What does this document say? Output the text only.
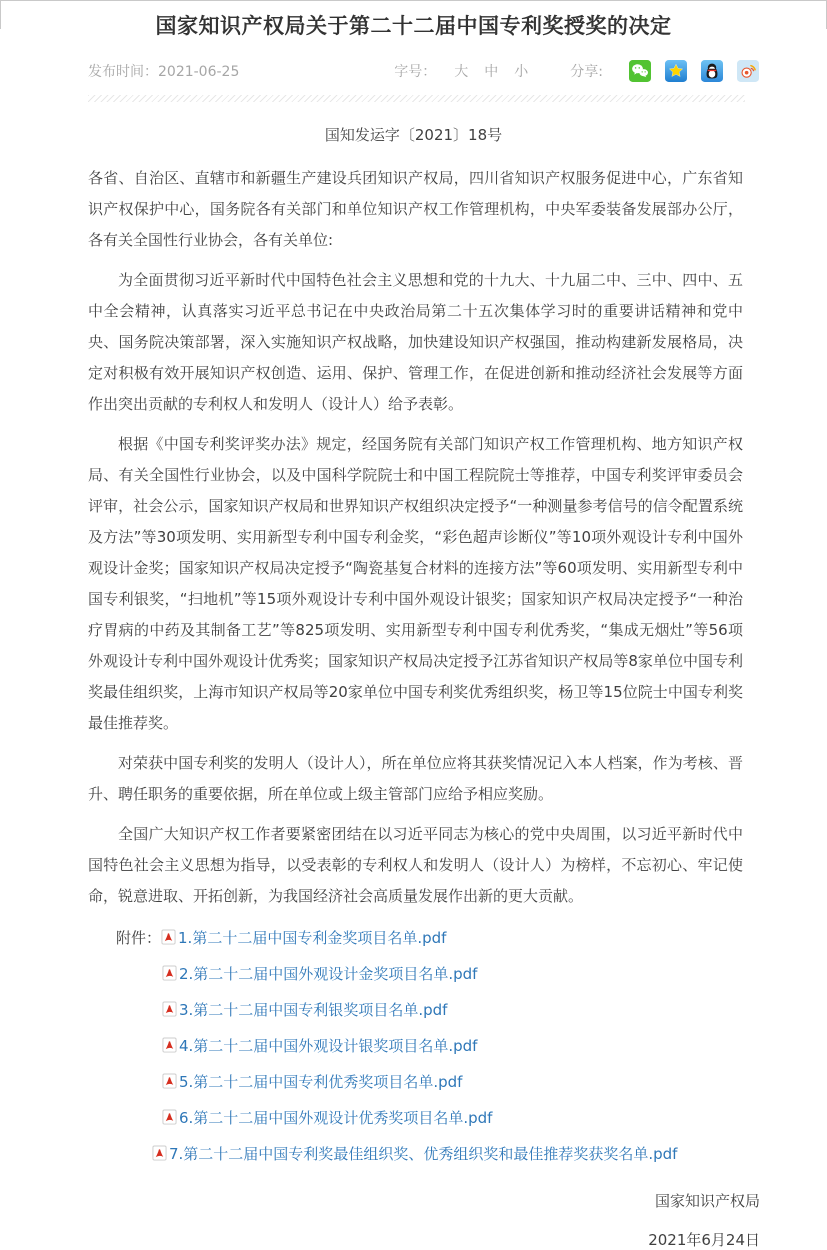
国家知识产权局关于第二十二届中国专利奖授奖的决定
发布时间：2021-06-25	字号： 大 中 小	分享:
国知发运字〔2021〕18号

各省、自治区、直辖市和新疆生产建设兵团知识产权局，四川省知识产权服务促进中心，广东省知识产权保护中心，国务院各有关部门和单位知识产权工作管理机构，中央军委装备发展部办公厅，各有关全国性行业协会，各有关单位:

为全面贯彻习近平新时代中国特色社会主义思想和党的十九大、十九届二中、三中、四中、五中全会精神，认真落实习近平总书记在中央政治局第二十五次集体学习时的重要讲话精神和党中央、国务院决策部署，深入实施知识产权战略，加快建设知识产权强国，推动构建新发展格局，决定对积极有效开展知识产权创造、运用、保护、管理工作，在促进创新和推动经济社会发展等方面作出突出贡献的专利权人和发明人（设计人）给予表彰。

根据《中国专利奖评奖办法》规定，经国务院有关部门知识产权工作管理机构、地方知识产权局、有关全国性行业协会，以及中国科学院院士和中国工程院院士等推荐，中国专利奖评审委员会评审，社会公示，国家知识产权局和世界知识产权组织决定授予“一种测量参考信号的信令配置系统及方法”等30项发明、实用新型专利中国专利金奖，“彩色超声诊断仪”等10项外观设计专利中国外观设计金奖；国家知识产权局决定授予“陶瓷基复合材料的连接方法”等60项发明、实用新型专利中国专利银奖，“扫地机”等15项外观设计专利中国外观设计银奖；国家知识产权局决定授予“一种治疗胃病的中药及其制备工艺”等825项发明、实用新型专利中国专利优秀奖，“集成无烟灶”等56项外观设计专利中国外观设计优秀奖；国家知识产权局决定授予江苏省知识产权局等8家单位中国专利奖最佳组织奖，上海市知识产权局等20家单位中国专利奖优秀组织奖，杨卫等15位院士中国专利奖最佳推荐奖。

对荣获中国专利奖的发明人（设计人），所在单位应将其获奖情况记入本人档案，作为考核、晋升、聘任职务的重要依据，所在单位或上级主管部门应给予相应奖励。

全国广大知识产权工作者要紧密团结在以习近平同志为核心的党中央周围，以习近平新时代中国特色社会主义思想为指导，以受表彰的专利权人和发明人（设计人）为榜样，不忘初心、牢记使命，锐意进取、开拓创新，为我国经济社会高质量发展作出新的更大贡献。

附件： 1.第二十二届中国专利金奖项目名单.pdf
2.第二十二届中国外观设计金奖项目名单.pdf
3.第二十二届中国专利银奖项目名单.pdf
4.第二十二届中国外观设计银奖项目名单.pdf
5.第二十二届中国专利优秀奖项目名单.pdf
6.第二十二届中国外观设计优秀奖项目名单.pdf
7.第二十二届中国专利奖最佳组织奖、优秀组织奖和最佳推荐奖获奖名单.pdf
国家知识产权局
2021年6月24日
